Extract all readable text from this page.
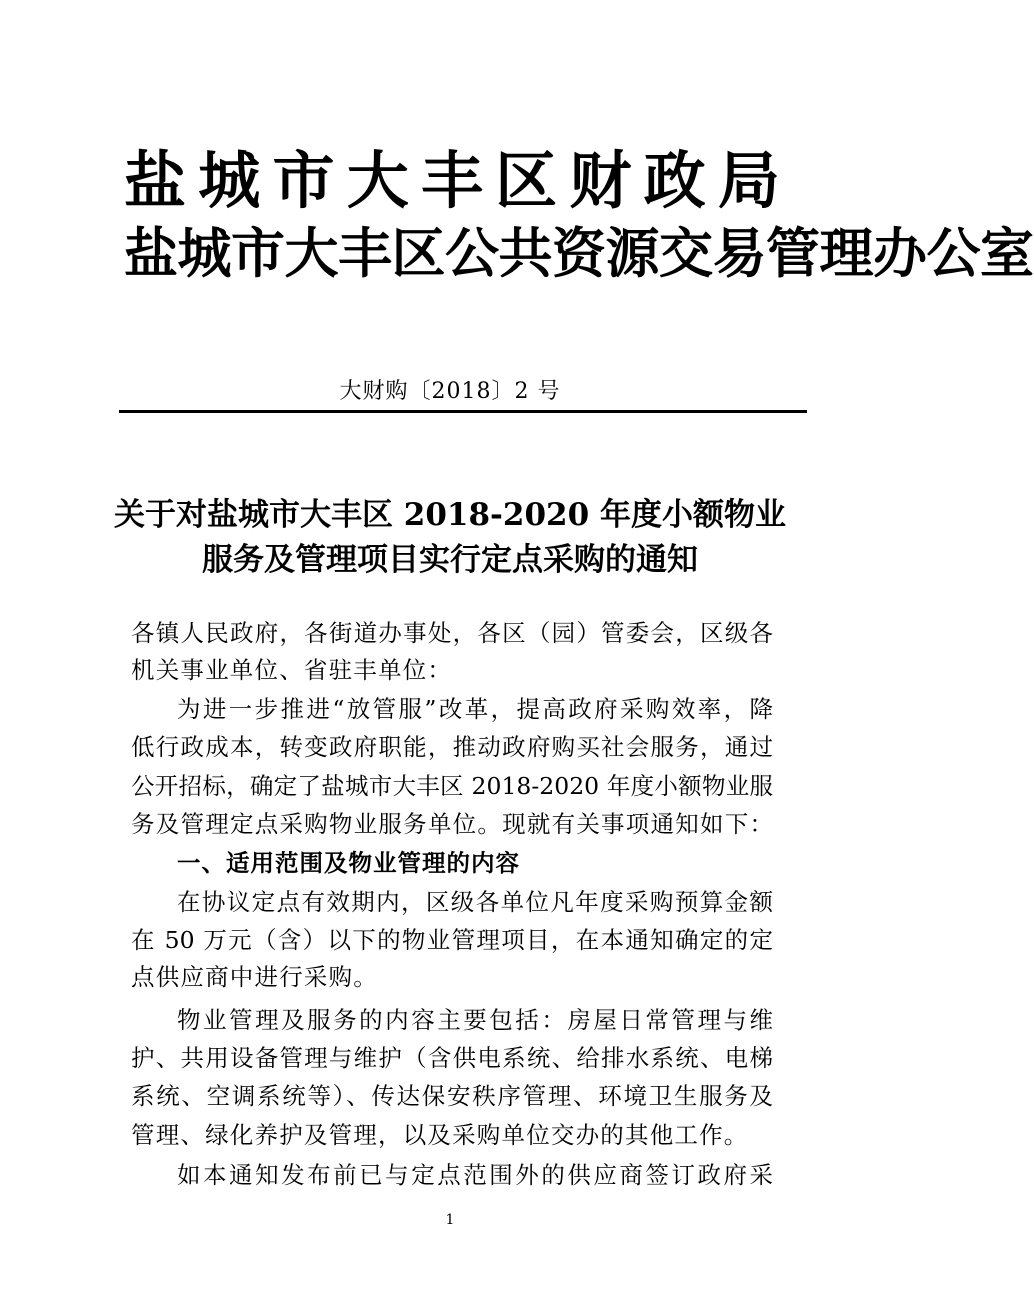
盐 城 市 大 丰 区 财 政 局
盐城市大丰区公共资源交易管理办公室
大财购〔2018〕2 号
关于对盐城市大丰区 2018-2020 年度小额物业
服务及管理项目实行定点采购的通知
各镇人民政府，各街道办事处，各区（园）管委会，区级各
机关事业单位、省驻丰单位：
为进一步推进“放管服”改革，提高政府采购效率，降
低行政成本，转变政府职能，推动政府购买社会服务，通过
公开招标，确定了盐城市大丰区 2018-2020 年度小额物业服
务及管理定点采购物业服务单位。现就有关事项通知如下：
一、适用范围及物业管理的内容
在协议定点有效期内，区级各单位凡年度采购预算金额
在 50 万元（含）以下的物业管理项目，在本通知确定的定
点供应商中进行采购。
物业管理及服务的内容主要包括：房屋日常管理与维
护、共用设备管理与维护（含供电系统、给排水系统、电梯
系统、空调系统等）、传达保安秩序管理、环境卫生服务及
管理、绿化养护及管理，以及采购单位交办的其他工作。
如本通知发布前已与定点范围外的供应商签订政府采
1
